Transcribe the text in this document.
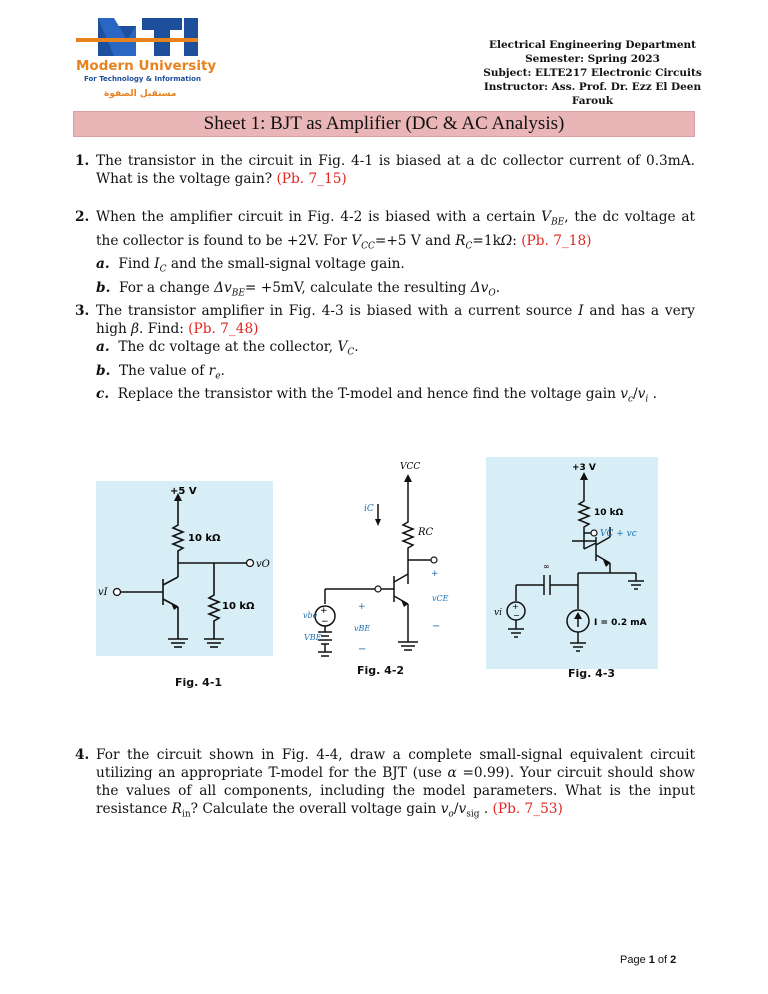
Modern University
For Technology & Information
مستقبل الصفوة
Electrical Engineering Department
Semester: Spring 2023
Subject: ELTE217 Electronic Circuits
Instructor: Ass. Prof. Dr. Ezz El Deen Farouk
Sheet 1: BJT as Amplifier (DC & AC Analysis)
1. The transistor in the circuit in Fig. 4-1 is biased at a dc collector current of 0.3mA. What is the voltage gain? (Pb. 7_15)
2. When the amplifier circuit in Fig. 4-2 is biased with a certain $V_{BE}$, the dc voltage at the collector is found to be +2V. For $V_{CC}=+5$ V and $R_C=1k\Omega$: (Pb. 7_18)
a.  Find $I_C$ and the small-signal voltage gain.
b.  For a change $\Delta v_{BE}= +5mV$, calculate the resulting $\Delta v_O$.
3. The transistor amplifier in Fig. 4-3 is biased with a current source I and has a very high β. Find: (Pb. 7_48)
a.  The dc voltage at the collector, $V_C$.
b.  The value of $r_e$.
c.  Replace the transistor with the T-model and hence find the voltage gain $v_c/v_i$ .
+5 V
10 kΩ
10 kΩ
vI
vO
Fig. 4-1
+
−
VCC
RC
iC
+
vCE
−
+
vBE
−
vbe
VBE
Fig. 4-2
+
−
+3 V
10 kΩ
VC + vc
∞
vi
I = 0.2 mA
Fig. 4-3
4. For the circuit shown in Fig. 4-4, draw a complete small-signal equivalent circuit utilizing an appropriate T-model for the BJT (use α =0.99). Your circuit should show the values of all components, including the model parameters. What is the input resistance $R_{in}$? Calculate the overall voltage gain $v_o/v_{sig}$ . (Pb. 7_53)
Page 1 of 2
